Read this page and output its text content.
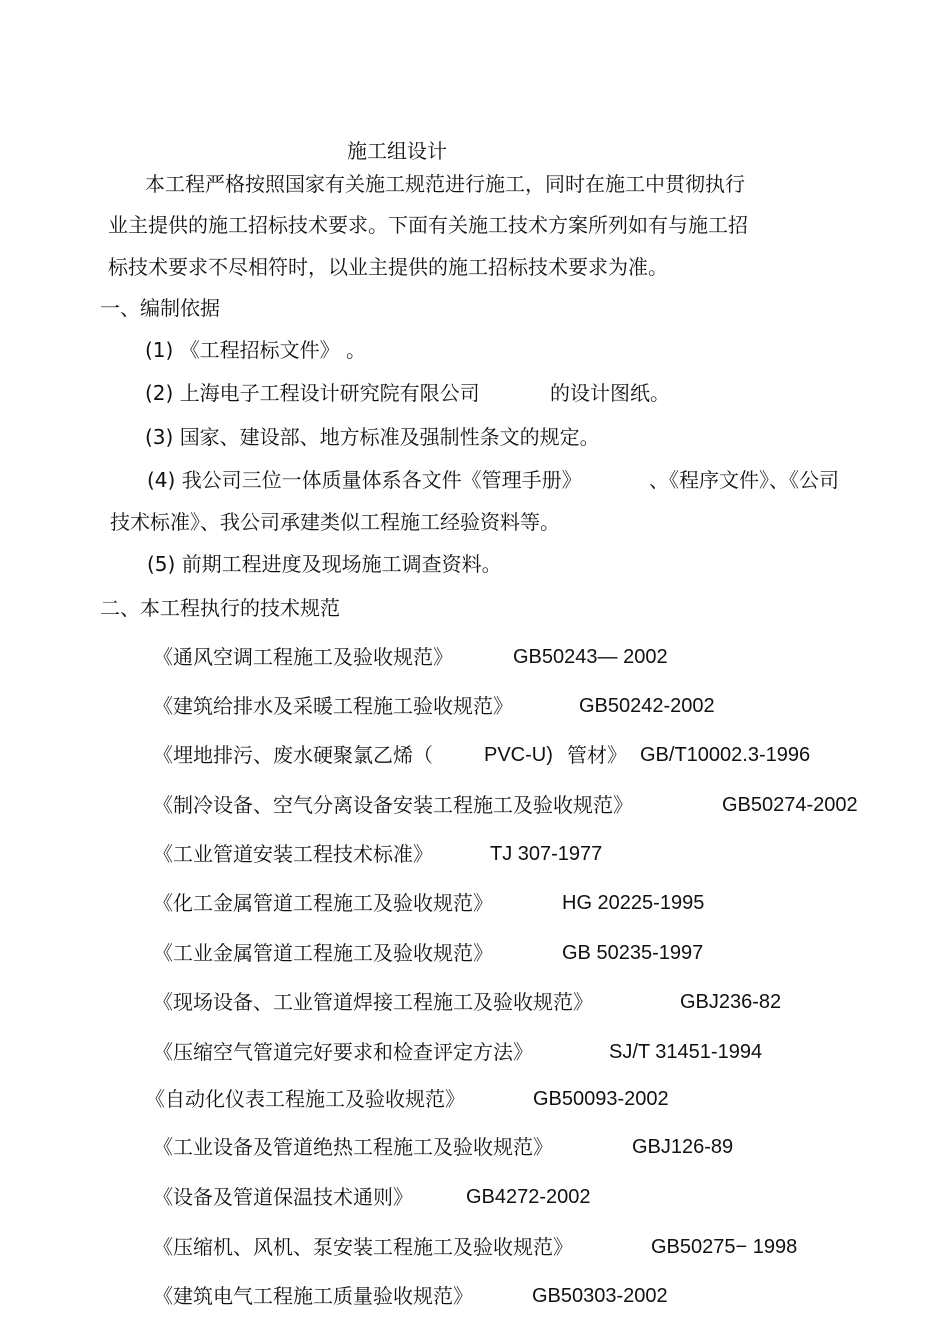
施工组设计
本工程严格按照国家有关施工规范进行施工，同时在施工中贯彻执行
业主提供的施工招标技术要求。下面有关施工技术方案所列如有与施工招
标技术要求不尽相符时，以业主提供的施工招标技术要求为准。
一、编制依据
(1) 《工程招标文件》 。
(2) 上海电子工程设计研究院有限公司	的设计图纸。
(3) 国家、建设部、地方标准及强制性条文的规定。
(4) 我公司三位一体质量体系各文件《管理手册》	、《程序文件》、《公司
技术标准》、我公司承建类似工程施工经验资料等。
(5) 前期工程进度及现场施工调查资料。
二、本工程执行的技术规范
《通风空调工程施工及验收规范》	GB50243— 2002
《建筑给排水及采暖工程施工验收规范》	GB50242-2002
《埋地排污、废水硬聚氯乙烯（	PVC-U) 管材》 GB/T10002.3-1996
《制冷设备、空气分离设备安装工程施工及验收规范》	GB50274-2002
《工业管道安装工程技术标准》	TJ 307-1977
《化工金属管道工程施工及验收规范》	HG 20225-1995
《工业金属管道工程施工及验收规范》	GB 50235-1997
《现场设备、工业管道焊接工程施工及验收规范》	GBJ236-82
《压缩空气管道完好要求和检查评定方法》	SJ/T 31451-1994
《自动化仪表工程施工及验收规范》	GB50093-2002
《工业设备及管道绝热工程施工及验收规范》	GBJ126-89
《设备及管道保温技术通则》	GB4272-2002
《压缩机、风机、泵安装工程施工及验收规范》	GB50275− 1998
《建筑电气工程施工质量验收规范》	GB50303-2002
